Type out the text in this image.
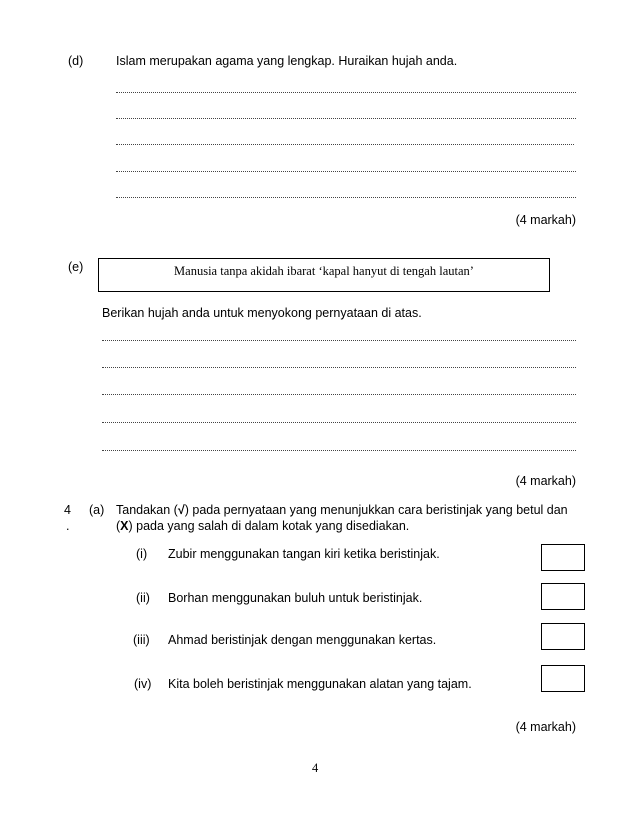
(d)	Islam merupakan agama yang lengkap. Huraikan hujah anda.
(4 markah)
(e)	Manusia tanpa akidah ibarat ‘kapal hanyut di tengah lautan’
Berikan hujah anda untuk menyokong pernyataan di atas.
(4 markah)
4
.
(a) Tandakan (√) pada pernyataan yang menunjukkan cara beristinjak yang betul dan
(X) pada yang salah di dalam kotak yang disediakan.
(i) Zubir menggunakan tangan kiri ketika beristinjak.
(ii) Borhan menggunakan buluh untuk beristinjak.
(iii) Ahmad beristinjak dengan menggunakan kertas.
(iv) Kita boleh beristinjak menggunakan alatan yang tajam.
(4 markah)
4
